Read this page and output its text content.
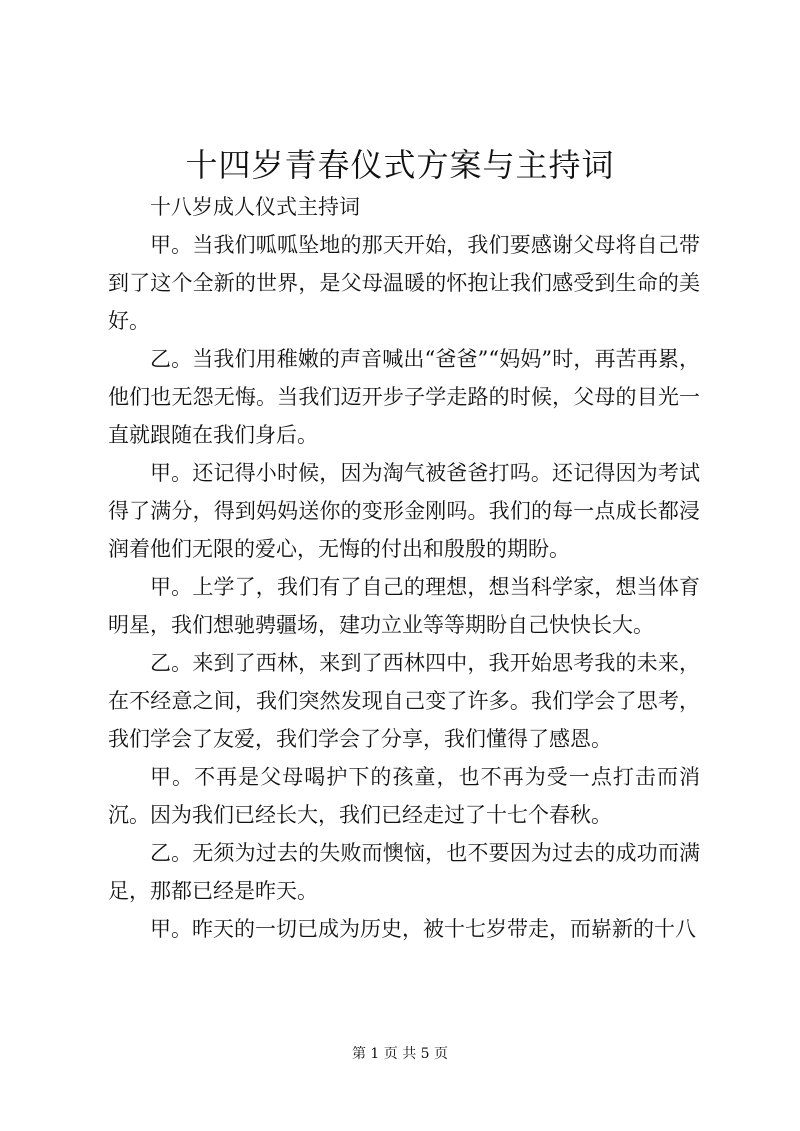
十四岁青春仪式方案与主持词

十八岁成人仪式主持词

甲。当我们呱呱坠地的那天开始，我们要感谢父母将自己带到了这个全新的世界，是父母温暖的怀抱让我们感受到生命的美好。

乙。当我们用稚嫩的声音喊出“爸爸”“妈妈”时，再苦再累，他们也无怨无悔。当我们迈开步子学走路的时候，父母的目光一直就跟随在我们身后。

甲。还记得小时候，因为淘气被爸爸打吗。还记得因为考试得了满分，得到妈妈送你的变形金刚吗。我们的每一点成长都浸润着他们无限的爱心，无悔的付出和殷殷的期盼。

甲。上学了，我们有了自己的理想，想当科学家，想当体育明星，我们想驰骋疆场，建功立业等等期盼自己快快长大。

乙。来到了西林，来到了西林四中，我开始思考我的未来，在不经意之间，我们突然发现自己变了许多。我们学会了思考，我们学会了友爱，我们学会了分享，我们懂得了感恩。

甲。不再是父母喝护下的孩童，也不再为受一点打击而消沉。因为我们已经长大，我们已经走过了十七个春秋。

乙。无须为过去的失败而懊恼，也不要因为过去的成功而满足，那都已经是昨天。

甲。昨天的一切已成为历史，被十七岁带走，而崭新的十八

第 1 页 共 5 页
